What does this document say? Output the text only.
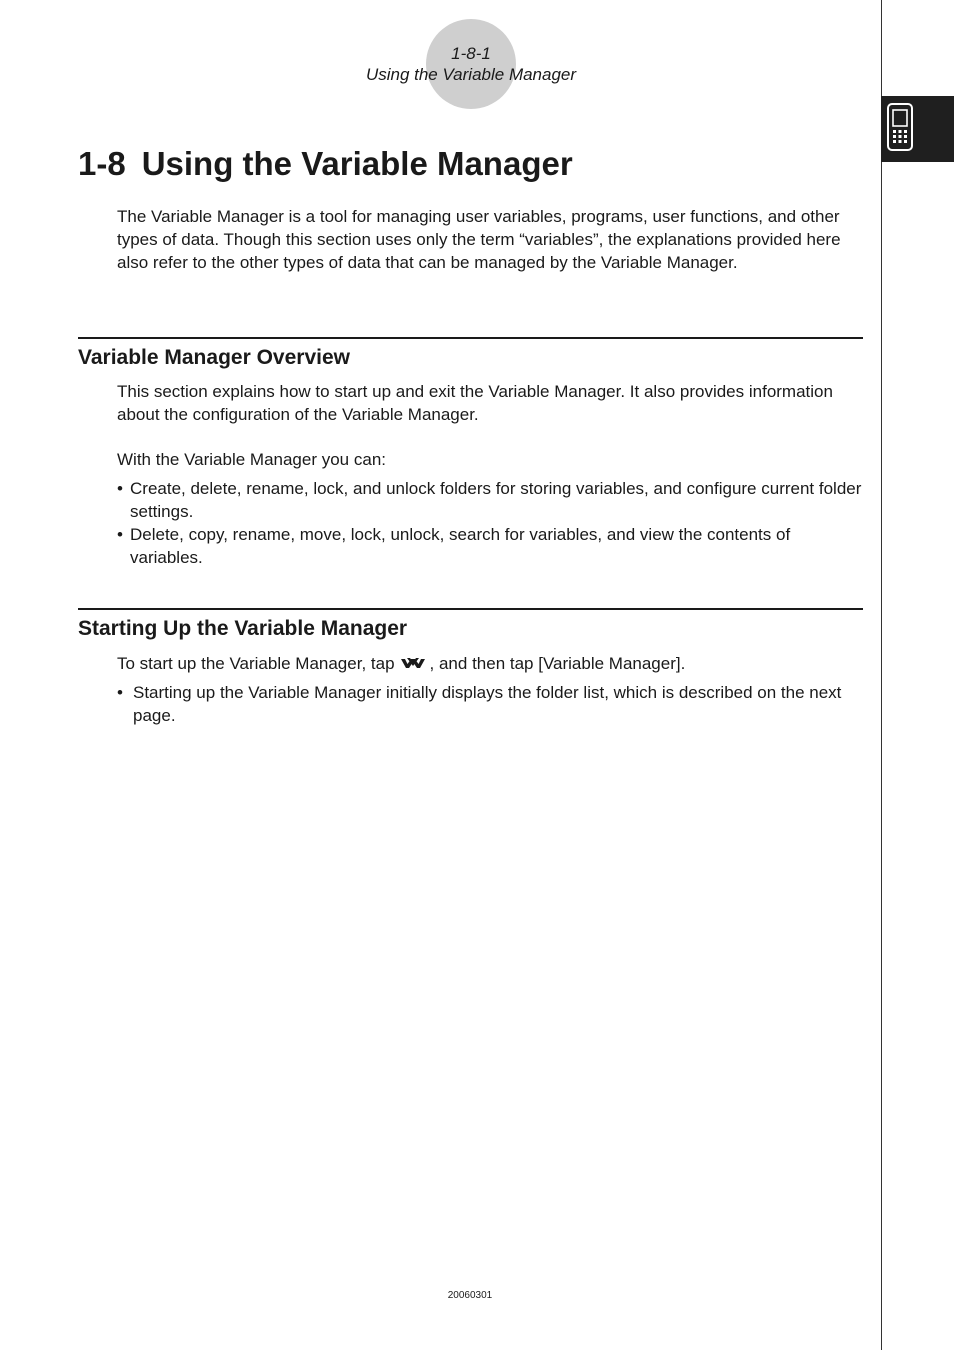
1-8-1
Using the Variable Manager
1-8 Using the Variable Manager

The Variable Manager is a tool for managing user variables, programs, user functions, and other types of data. Though this section uses only the term “variables”, the explanations provided here also refer to the other types of data that can be managed by the Variable Manager.

Variable Manager Overview

This section explains how to start up and exit the Variable Manager. It also provides information about the configuration of the Variable Manager.

With the Variable Manager you can:

• Create, delete, rename, lock, and unlock folders for storing variables, and configure current folder settings.
• Delete, copy, rename, move, lock, unlock, search for variables, and view the contents of variables.
Starting Up the Variable Manager

To start up the Variable Manager, tap , and then tap [Variable Manager].

• Starting up the Variable Manager initially displays the folder list, which is described on the next page.
20060301
